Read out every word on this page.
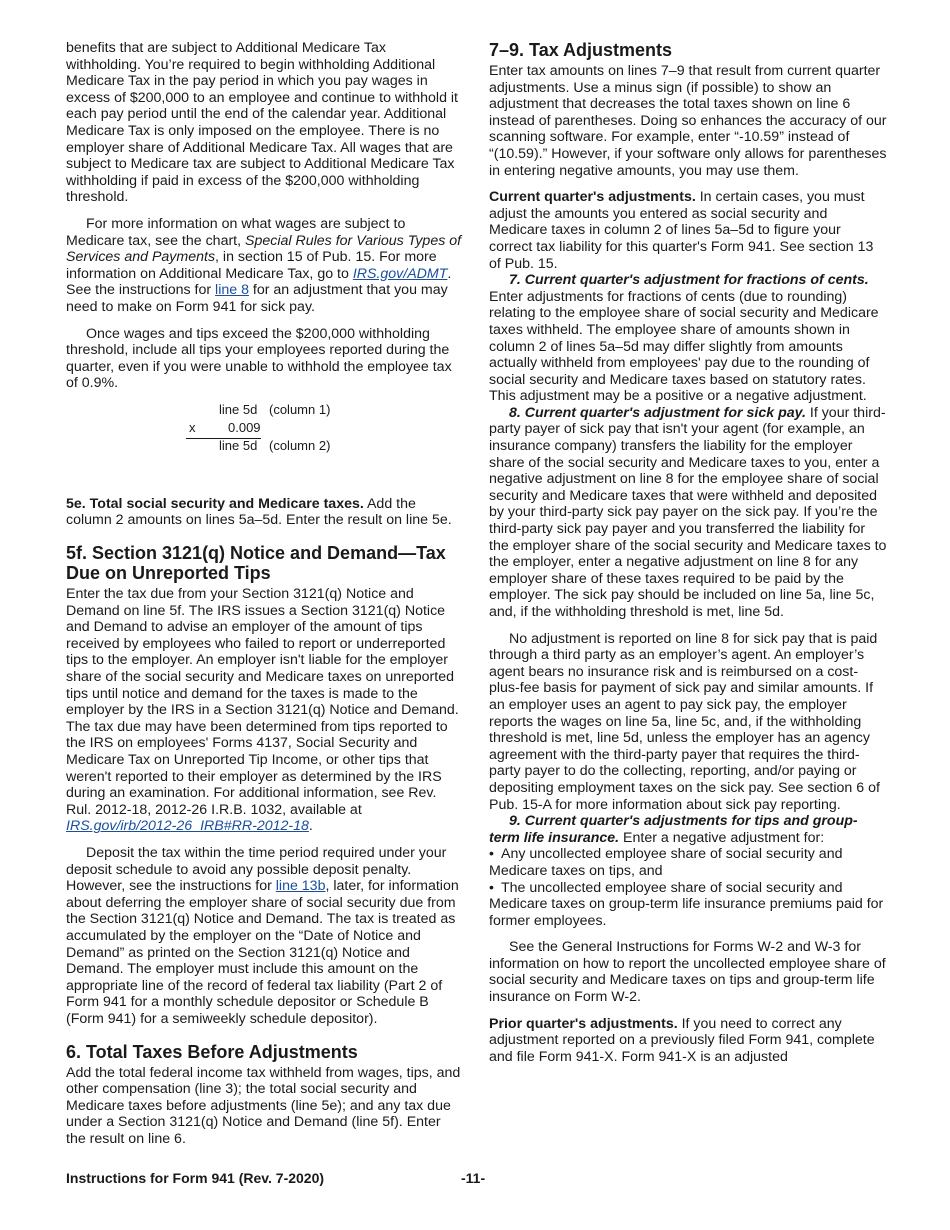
benefits that are subject to Additional Medicare Tax withholding. You’re required to begin withholding Additional Medicare Tax in the pay period in which you pay wages in excess of $200,000 to an employee and continue to withhold it each pay period until the end of the calendar year. Additional Medicare Tax is only imposed on the employee. There is no employer share of Additional Medicare Tax. All wages that are subject to Medicare tax are subject to Additional Medicare Tax withholding if paid in excess of the $200,000 withholding threshold.

For more information on what wages are subject to Medicare tax, see the chart, Special Rules for Various Types of Services and Payments, in section 15 of Pub. 15. For more information on Additional Medicare Tax, go to IRS.gov/ADMT. See the instructions for line 8 for an adjustment that you may need to make on Form 941 for sick pay.

Once wages and tips exceed the $200,000 withholding threshold, include all tips your employees reported during the quarter, even if you were unable to withhold the employee tax of 0.9%.

line 5d (column 1)
x	0.009
line 5d (column 2)

5e. Total social security and Medicare taxes. Add the column 2 amounts on lines 5a–5d. Enter the result on line 5e.

5f. Section 3121(q) Notice and Demand—Tax Due on Unreported Tips

Enter the tax due from your Section 3121(q) Notice and Demand on line 5f. The IRS issues a Section 3121(q) Notice and Demand to advise an employer of the amount of tips received by employees who failed to report or underreported tips to the employer. An employer isn't liable for the employer share of the social security and Medicare taxes on unreported tips until notice and demand for the taxes is made to the employer by the IRS in a Section 3121(q) Notice and Demand. The tax due may have been determined from tips reported to the IRS on employees' Forms 4137, Social Security and Medicare Tax on Unreported Tip Income, or other tips that weren't reported to their employer as determined by the IRS during an examination. For additional information, see Rev. Rul. 2012-18, 2012-26 I.R.B. 1032, available at IRS.gov/irb/2012-26_IRB#RR-2012-18.

Deposit the tax within the time period required under your deposit schedule to avoid any possible deposit penalty. However, see the instructions for line 13b, later, for information about deferring the employer share of social security due from the Section 3121(q) Notice and Demand. The tax is treated as accumulated by the employer on the “Date of Notice and Demand” as printed on the Section 3121(q) Notice and Demand. The employer must include this amount on the appropriate line of the record of federal tax liability (Part 2 of Form 941 for a monthly schedule depositor or Schedule B (Form 941) for a semiweekly schedule depositor).

6. Total Taxes Before Adjustments

Add the total federal income tax withheld from wages, tips, and other compensation (line 3); the total social security and Medicare taxes before adjustments (line 5e); and any tax due under a Section 3121(q) Notice and Demand (line 5f). Enter the result on line 6.

7–9. Tax Adjustments

Enter tax amounts on lines 7–9 that result from current quarter adjustments. Use a minus sign (if possible) to show an adjustment that decreases the total taxes shown on line 6 instead of parentheses. Doing so enhances the accuracy of our scanning software. For example, enter “-10.59” instead of “(10.59).” However, if your software only allows for parentheses in entering negative amounts, you may use them.

Current quarter's adjustments. In certain cases, you must adjust the amounts you entered as social security and Medicare taxes in column 2 of lines 5a–5d to figure your correct tax liability for this quarter's Form 941. See section 13 of Pub. 15.

7. Current quarter's adjustment for fractions of cents. Enter adjustments for fractions of cents (due to rounding) relating to the employee share of social security and Medicare taxes withheld. The employee share of amounts shown in column 2 of lines 5a–5d may differ slightly from amounts actually withheld from employees' pay due to the rounding of social security and Medicare taxes based on statutory rates. This adjustment may be a positive or a negative adjustment.

8. Current quarter's adjustment for sick pay. If your third-party payer of sick pay that isn't your agent (for example, an insurance company) transfers the liability for the employer share of the social security and Medicare taxes to you, enter a negative adjustment on line 8 for the employee share of social security and Medicare taxes that were withheld and deposited by your third-party sick pay payer on the sick pay. If you’re the third-party sick pay payer and you transferred the liability for the employer share of the social security and Medicare taxes to the employer, enter a negative adjustment on line 8 for any employer share of these taxes required to be paid by the employer. The sick pay should be included on line 5a, line 5c, and, if the withholding threshold is met, line 5d.

No adjustment is reported on line 8 for sick pay that is paid through a third party as an employer’s agent. An employer’s agent bears no insurance risk and is reimbursed on a cost-plus-fee basis for payment of sick pay and similar amounts. If an employer uses an agent to pay sick pay, the employer reports the wages on line 5a, line 5c, and, if the withholding threshold is met, line 5d, unless the employer has an agency agreement with the third-party payer that requires the third-party payer to do the collecting, reporting, and/or paying or depositing employment taxes on the sick pay. See section 6 of Pub. 15-A for more information about sick pay reporting.

9. Current quarter's adjustments for tips and group-term life insurance. Enter a negative adjustment for:

• Any uncollected employee share of social security and Medicare taxes on tips, and

• The uncollected employee share of social security and Medicare taxes on group-term life insurance premiums paid for former employees.

See the General Instructions for Forms W-2 and W-3 for information on how to report the uncollected employee share of social security and Medicare taxes on tips and group-term life insurance on Form W-2.

Prior quarter's adjustments. If you need to correct any adjustment reported on a previously filed Form 941, complete and file Form 941-X. Form 941-X is an adjusted

Instructions for Form 941 (Rev. 7-2020)	-11-
